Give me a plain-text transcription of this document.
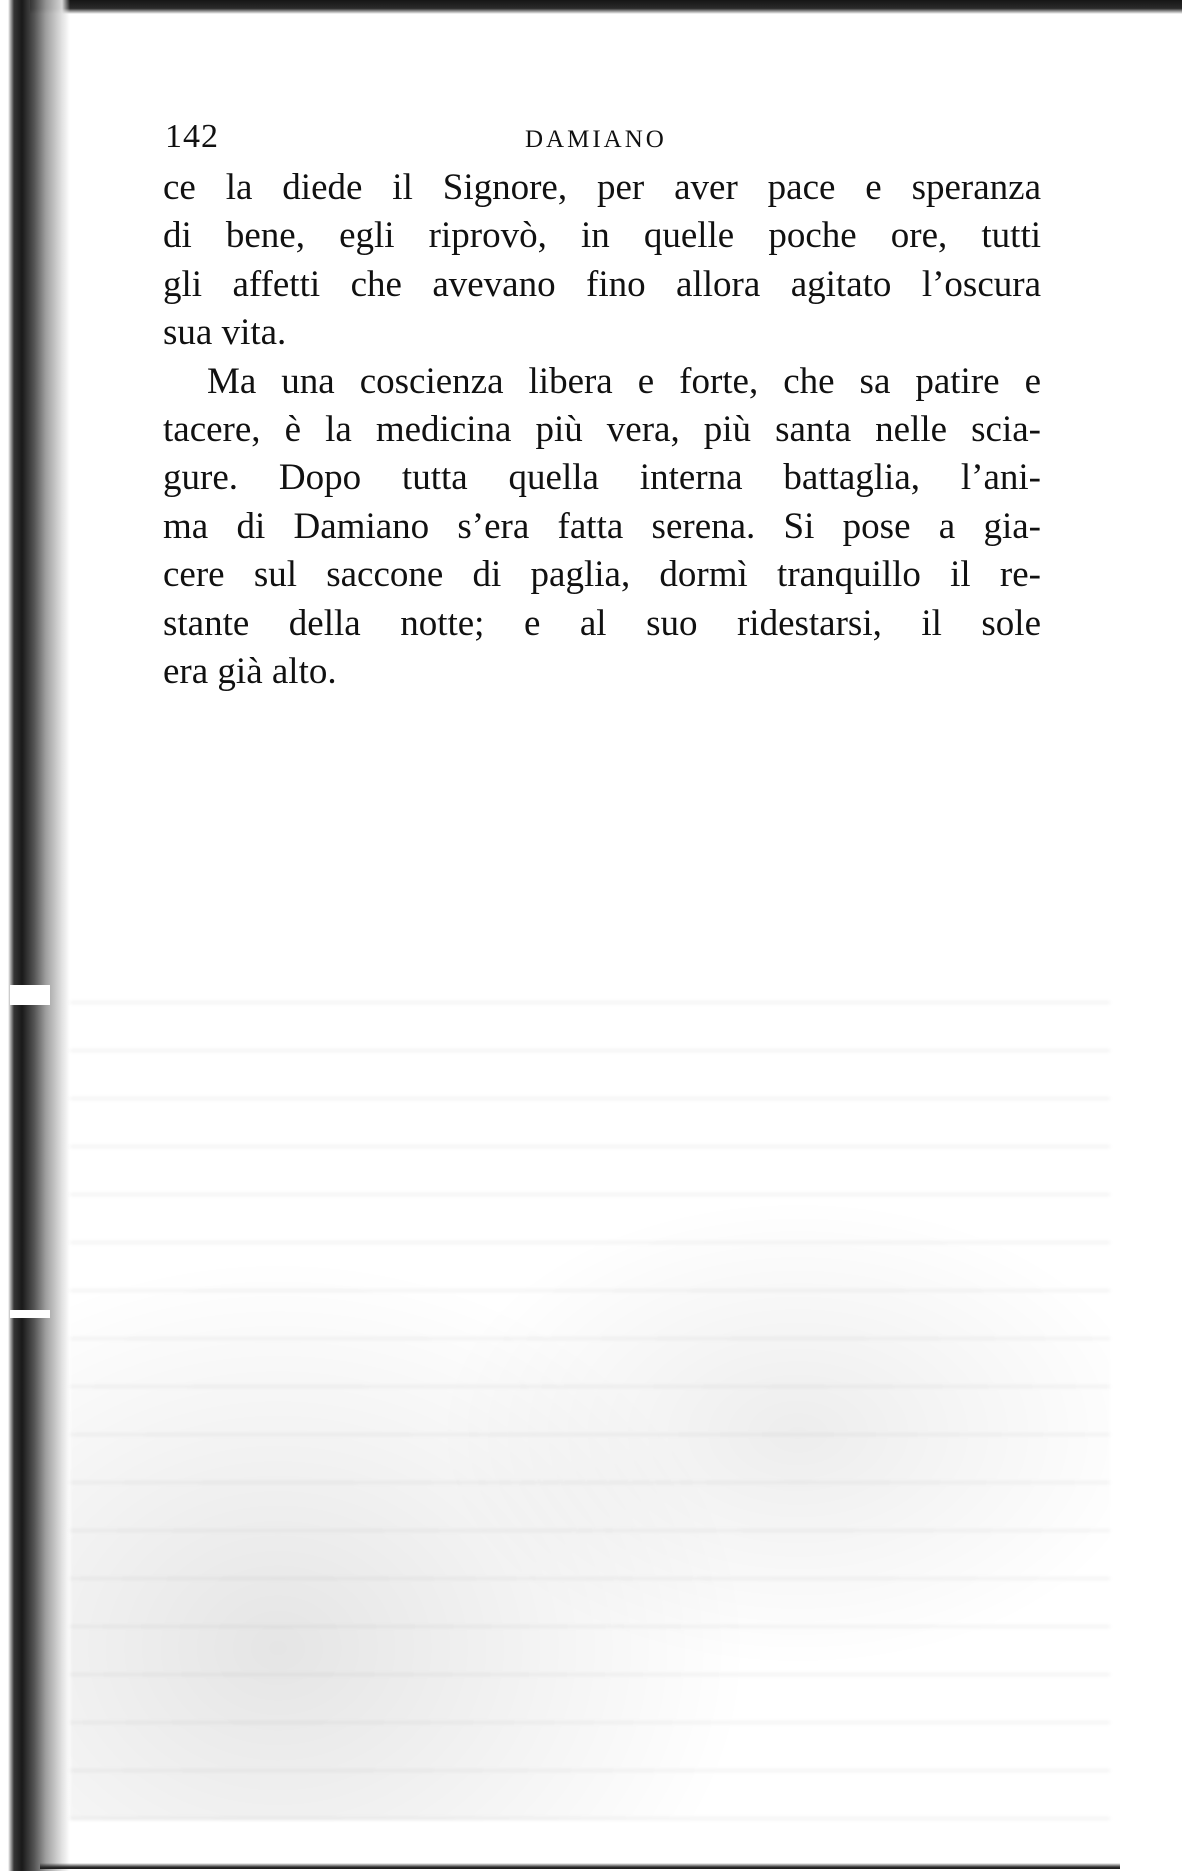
142	DAMIANO
ce la diede il Signore, per aver pace e speranza
di bene, egli riprovò, in quelle poche ore, tutti
gli affetti che avevano fino allora agitato l’oscura
sua vita.
Ma una coscienza libera e forte, che sa patire e
tacere, è la medicina più vera, più santa nelle scia-
gure. Dopo tutta quella interna battaglia, l’ani-
ma di Damiano s’era fatta serena. Si pose a gia-
cere sul saccone di paglia, dormì tranquillo il re-
stante della notte; e al suo ridestarsi, il sole
era già alto.
